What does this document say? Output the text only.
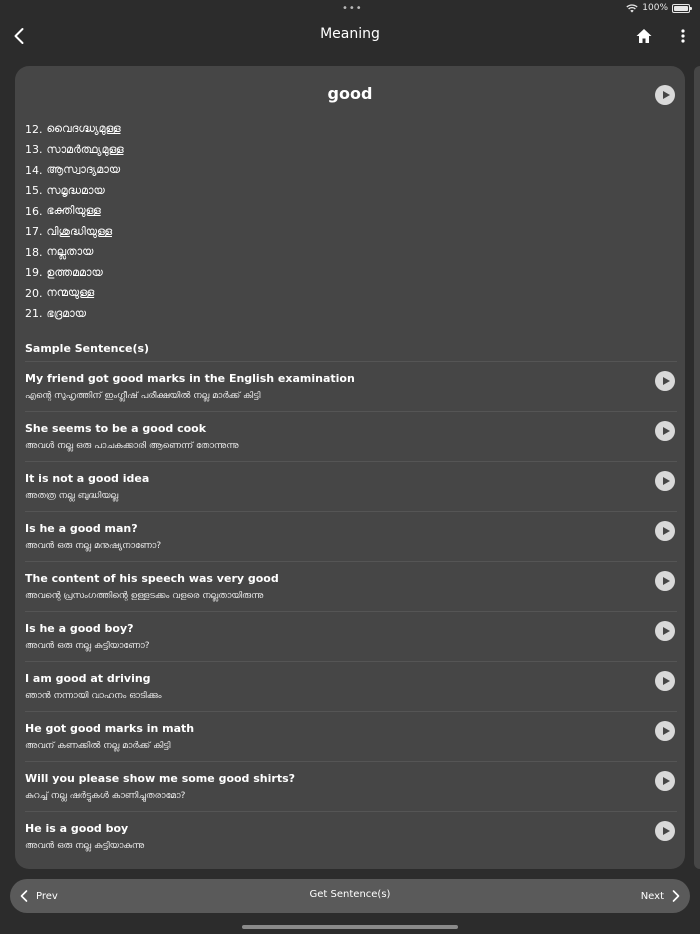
•••	100%
Meaning
good
12. വൈദഗ്ദ്ധ്യമുള്ള
13. സാമർത്ഥ്യമുള്ള
14. ആസ്വാദ്യമായ
15. സമൃദ്ധമായ
16. ഭക്തിയുള്ള
17. വിശുദ്ധിയുള്ള
18. നല്ലതായ
19. ഉത്തമമായ
20. നന്മയുള്ള
21. ഭദ്രമായ
Sample Sentence(s)
My friend got good marks in the English examination
എന്റെ സുഹൃത്തിന് ഇംഗ്ലീഷ് പരീക്ഷയിൽ നല്ല മാർക്ക് കിട്ടി
She seems to be a good cook
അവൾ നല്ല ഒരു പാചകക്കാരി ആണെന്ന് തോന്നുന്നു
It is not a good idea
അതത്ര നല്ല ബുദ്ധിയല്ല
Is he a good man?
അവൻ ഒരു നല്ല മനുഷ്യനാണോ?
The content of his speech was very good
അവന്റെ പ്രസംഗത്തിന്റെ ഉള്ളടക്കം വളരെ നല്ലതായിരുന്നു
Is he a good boy?
അവൻ ഒരു നല്ല കുട്ടിയാണോ?
I am good at driving
ഞാൻ നന്നായി വാഹനം ഓടിക്കും
He got good marks in math
അവന് കണക്കിൽ നല്ല മാർക്ക് കിട്ടി
Will you please show me some good shirts?
കുറച്ച് നല്ല ഷർട്ടുകൾ കാണിച്ചുതരാമോ?
He is a good boy
അവൻ ഒരു നല്ല കുട്ടിയാകുന്നു
Prev	Get Sentence(s)	Next
